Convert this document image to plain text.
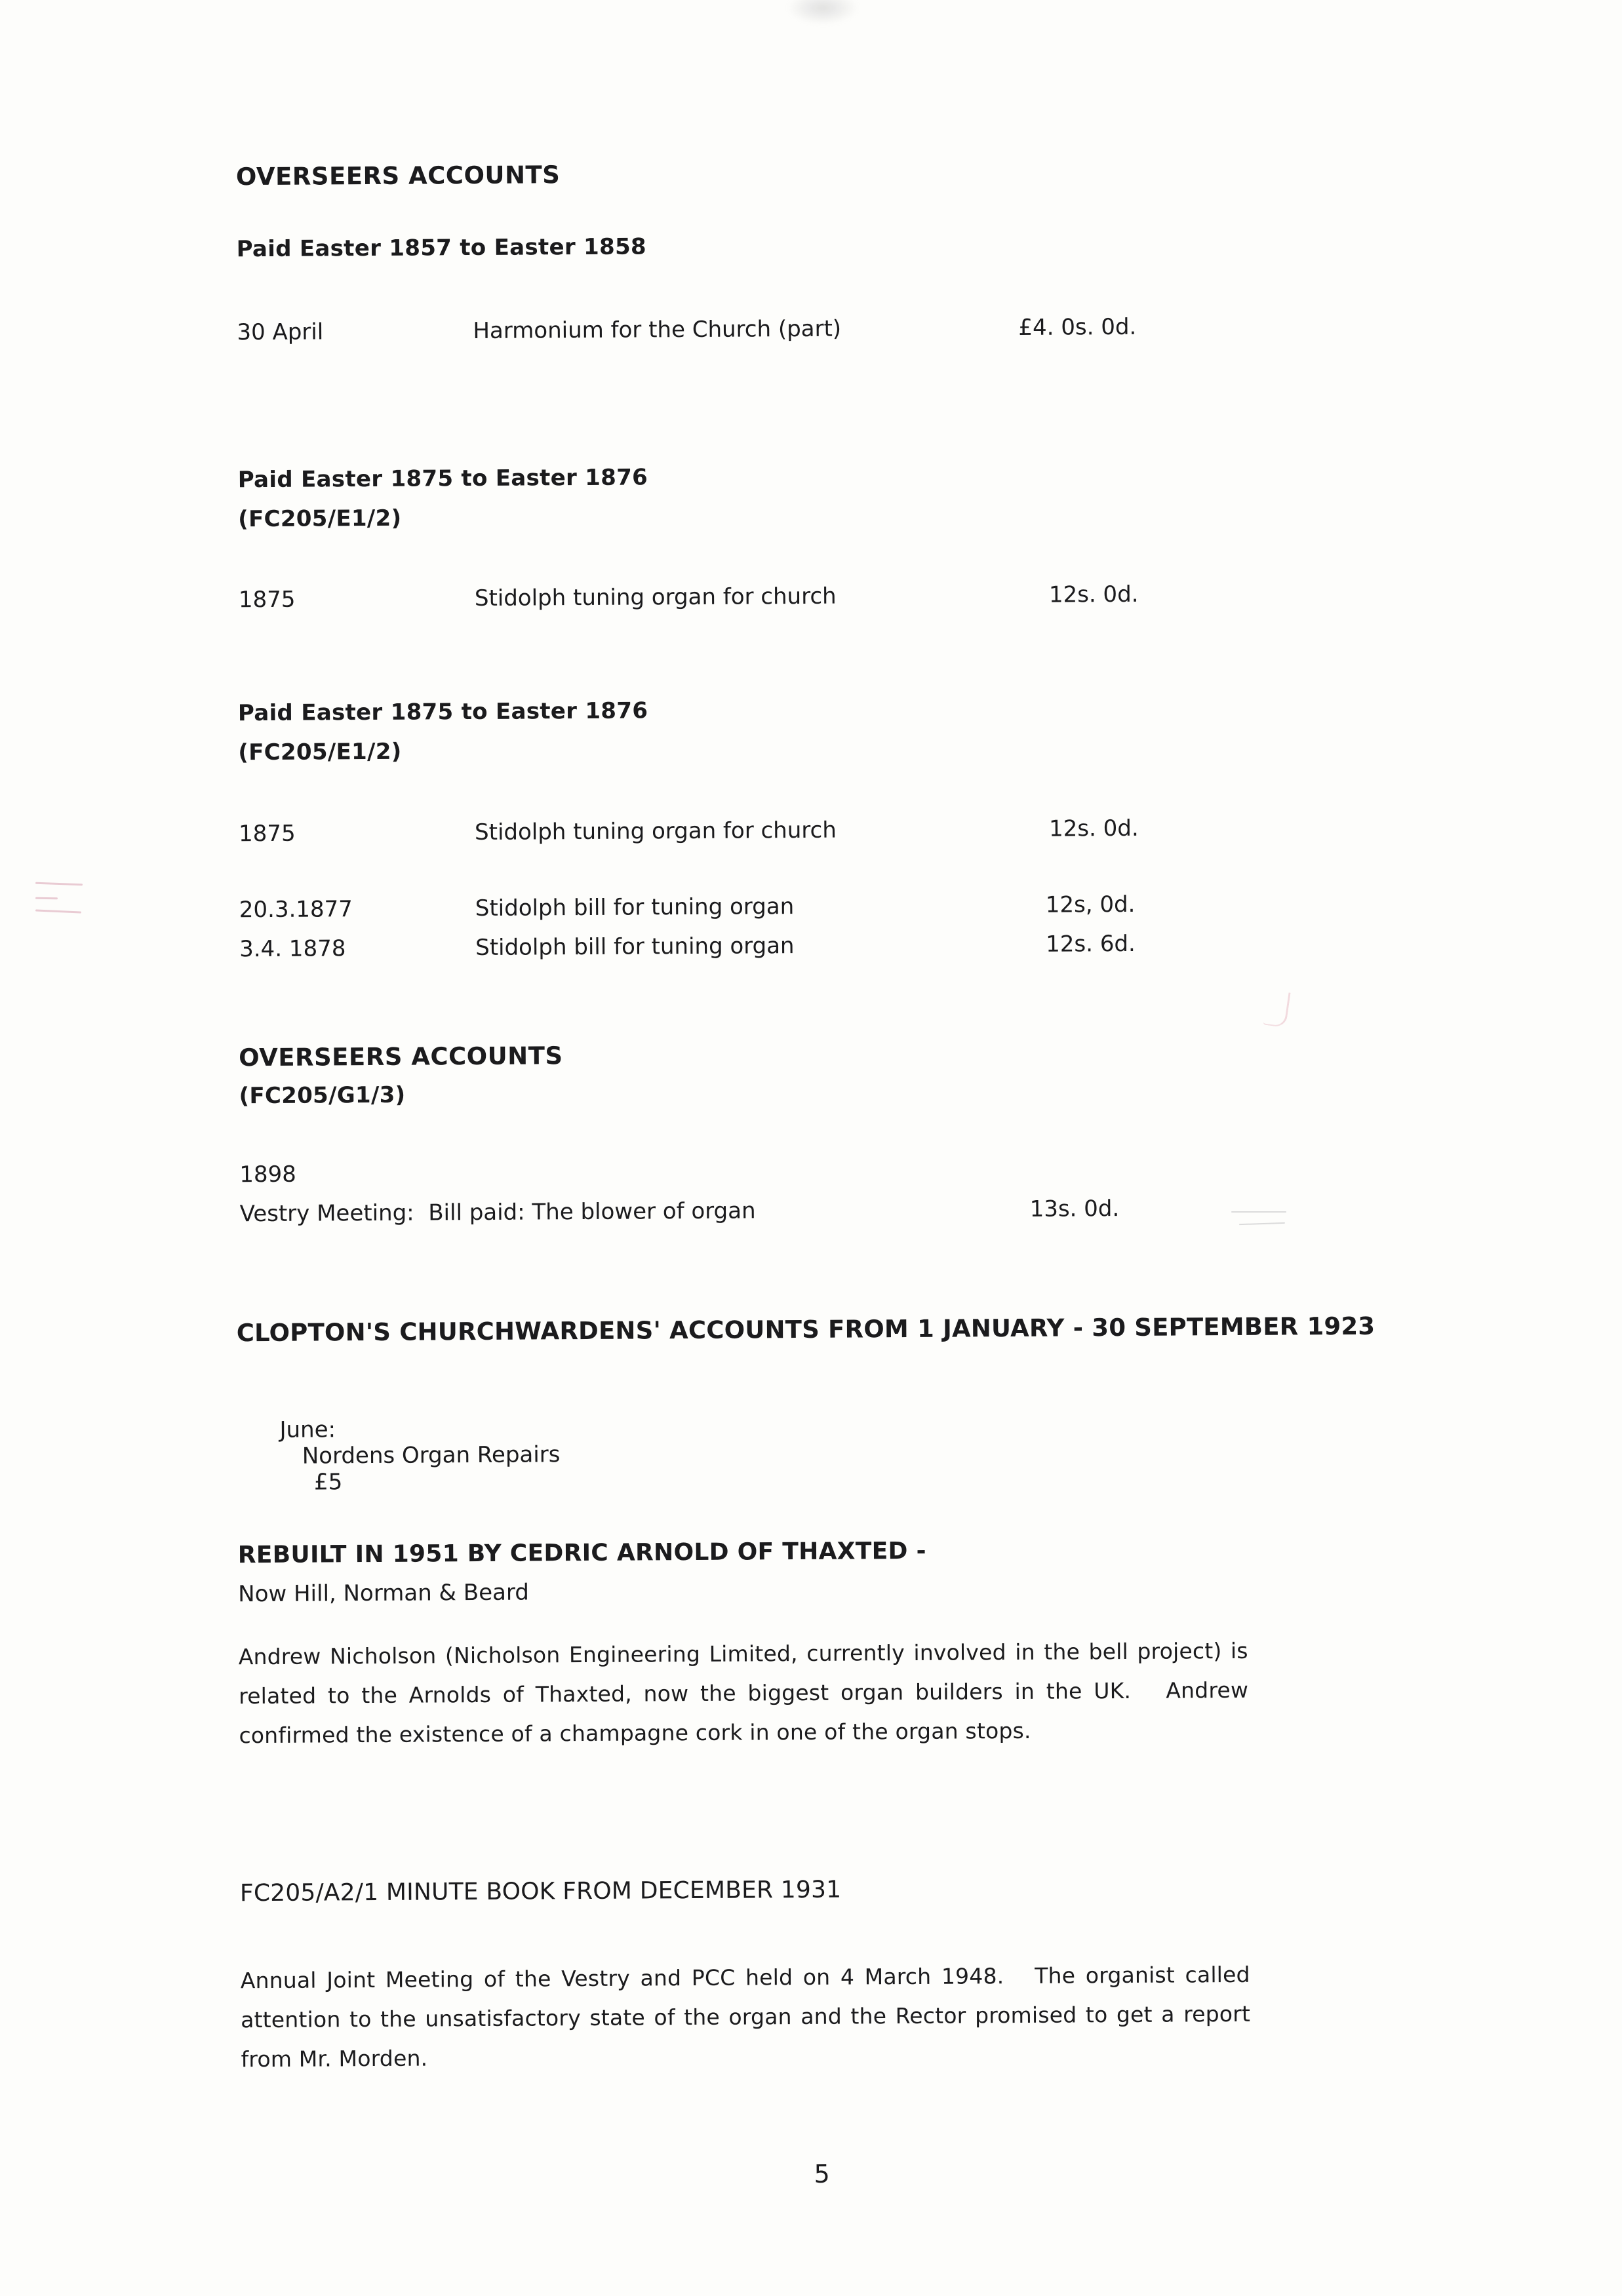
OVERSEERS ACCOUNTS
Paid Easter 1857 to Easter 1858
30 April	Harmonium for the Church (part)	£4. 0s. 0d.
Paid Easter 1875 to Easter 1876
(FC205/E1/2)
1875	Stidolph tuning organ for church	12s. 0d.
Paid Easter 1875 to Easter 1876
(FC205/E1/2)
1875	Stidolph tuning organ for church	12s. 0d.
20.3.1877	Stidolph bill for tuning organ	12s, 0d.
3.4. 1878	Stidolph bill for tuning organ	12s. 6d.
OVERSEERS ACCOUNTS
(FC205/G1/3)
1898
Vestry Meeting:  Bill paid: The blower of organ	13s. 0d.
CLOPTON'S CHURCHWARDENS' ACCOUNTS FROM 1 JANUARY - 30 SEPTEMBER 1923

June:
Nordens Organ Repairs
£5

REBUILT IN 1951 BY CEDRIC ARNOLD OF THAXTED -
Now Hill, Norman & Beard
Andrew Nicholson (Nicholson Engineering Limited, currently involved in the bell project) is related to the Arnolds of Thaxted, now the biggest organ builders in the UK.   Andrew confirmed the existence of a champagne cork in one of the organ stops.
FC205/A2/1 MINUTE BOOK FROM DECEMBER 1931
Annual Joint Meeting of the Vestry and PCC held on 4 March 1948.   The organist called attention to the unsatisfactory state of the organ and the Rector promised to get a report from Mr. Morden.
5
